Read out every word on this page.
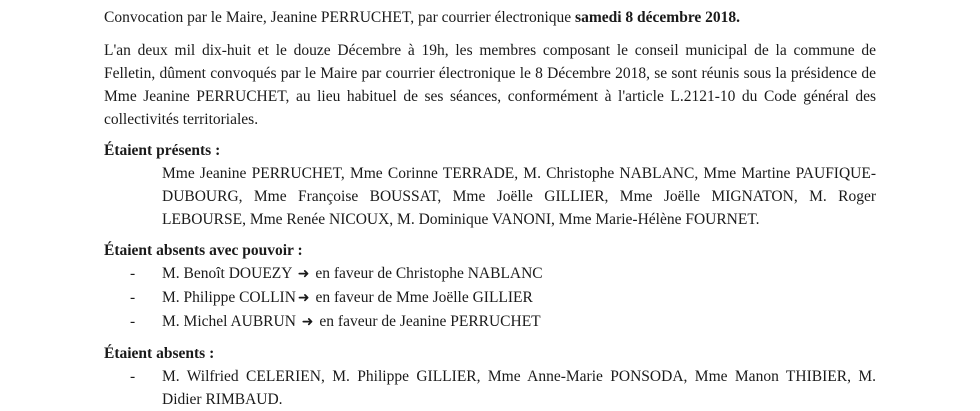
Convocation par le Maire, Jeanine PERRUCHET, par courrier électronique samedi 8 décembre 2018.

L'an deux mil dix-huit et le douze Décembre à 19h, les membres composant le conseil municipal de la commune de Felletin, dûment convoqués par le Maire par courrier électronique le 8 Décembre 2018, se sont réunis sous la présidence de Mme Jeanine PERRUCHET, au lieu habituel de ses séances, conformément à l'article L.2121-10 du Code général des collectivités territoriales.

Étaient présents :

Mme Jeanine PERRUCHET, Mme Corinne TERRADE, M. Christophe NABLANC, Mme Martine PAUFIQUE-DUBOURG, Mme Françoise BOUSSAT, Mme Joëlle GILLIER, Mme Joëlle MIGNATON, M. Roger LEBOURSE, Mme Renée NICOUX, M. Dominique VANONI, Mme Marie-Hélène FOURNET.

Étaient absents avec pouvoir :

- M. Benoît DOUEZY ➜ en faveur de Christophe NABLANC
- M. Philippe COLLIN ➜ en faveur de Mme Joëlle GILLIER
- M. Michel AUBRUN ➜ en faveur de Jeanine PERRUCHET

Étaient absents :

- M. Wilfried CELERIEN, M. Philippe GILLIER, Mme Anne-Marie PONSODA, Mme Manon THIBIER, M. Didier RIMBAUD.
